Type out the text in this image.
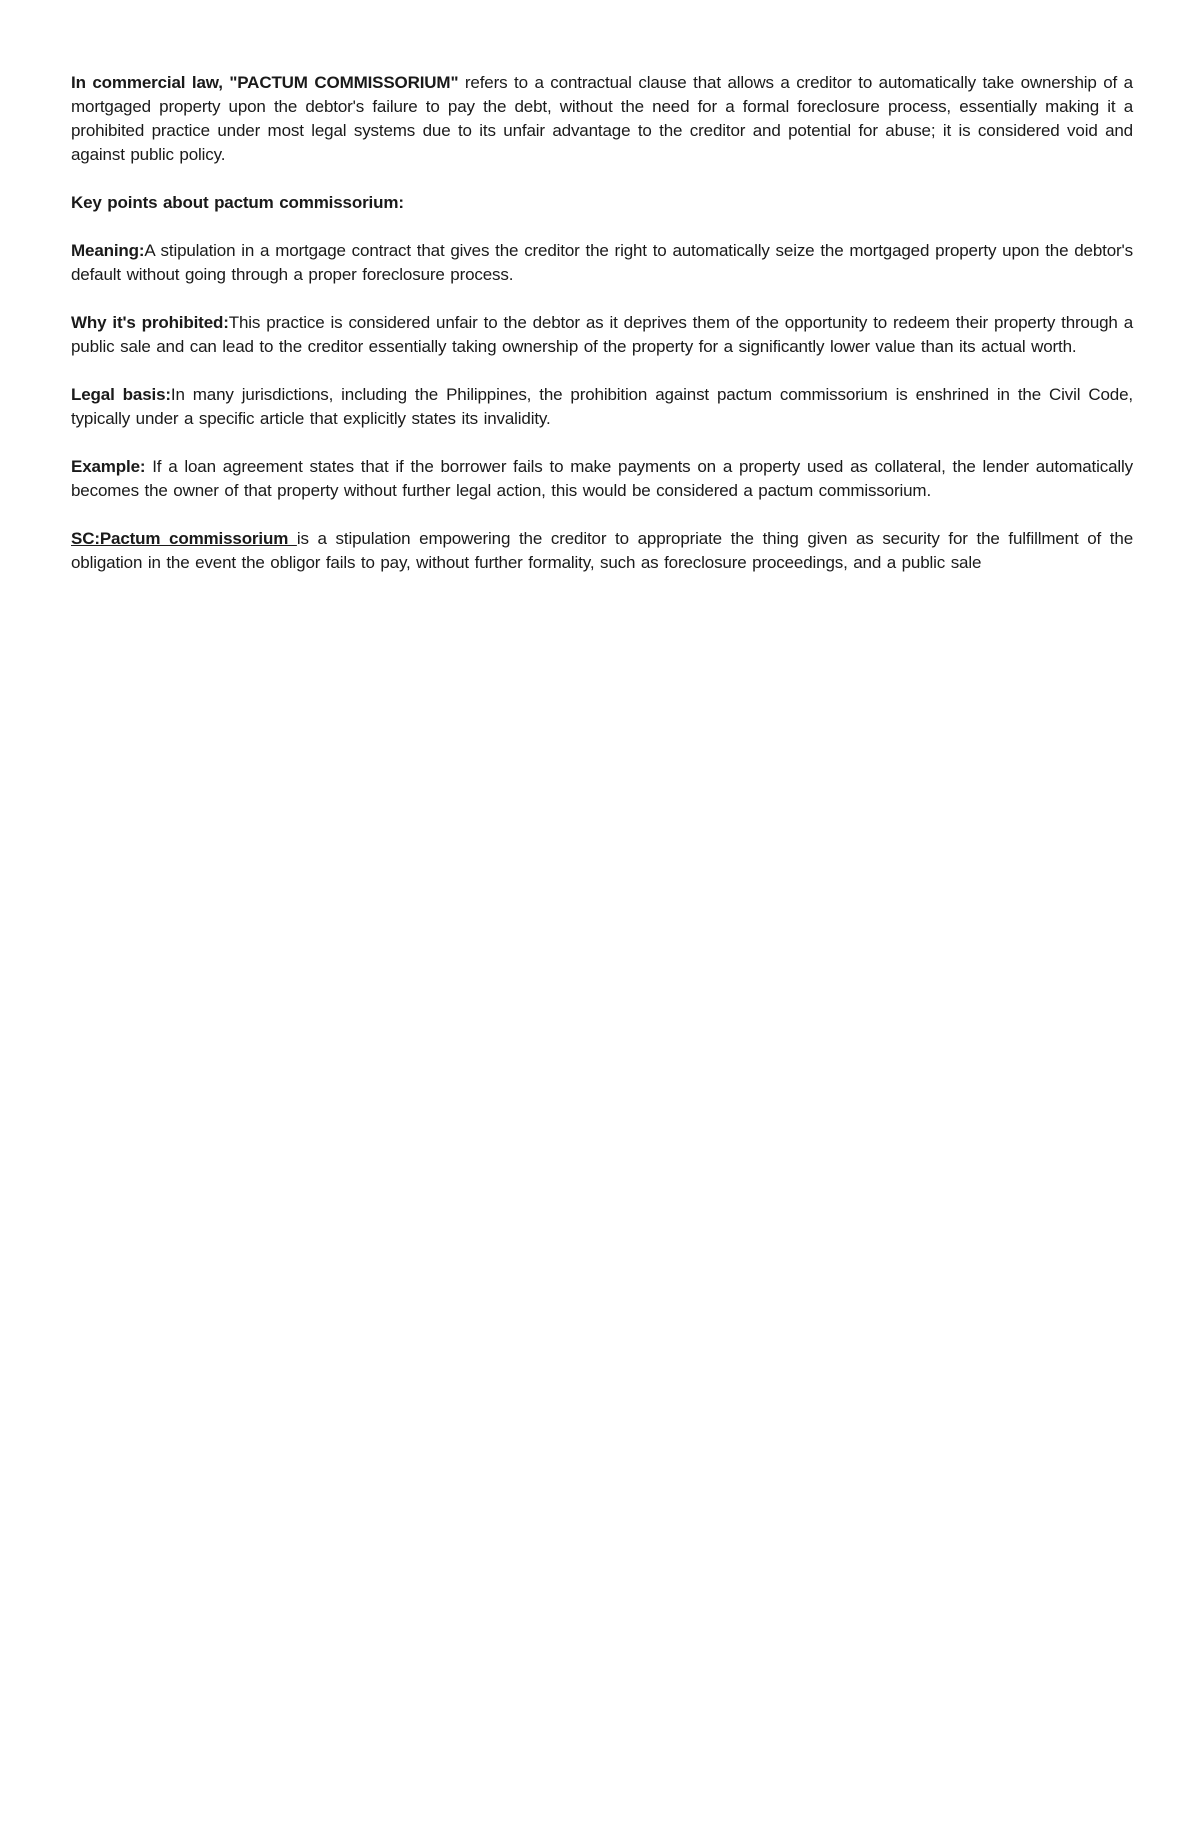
In commercial law, "PACTUM COMMISSORIUM" refers to a contractual clause that allows a creditor to automatically take ownership of a mortgaged property upon the debtor's failure to pay the debt, without the need for a formal foreclosure process, essentially making it a prohibited practice under most legal systems due to its unfair advantage to the creditor and potential for abuse; it is considered void and against public policy.

Key points about pactum commissorium:

Meaning:A stipulation in a mortgage contract that gives the creditor the right to automatically seize the mortgaged property upon the debtor's default without going through a proper foreclosure process.

Why it's prohibited:This practice is considered unfair to the debtor as it deprives them of the opportunity to redeem their property through a public sale and can lead to the creditor essentially taking ownership of the property for a significantly lower value than its actual worth.

Legal basis:In many jurisdictions, including the Philippines, the prohibition against pactum commissorium is enshrined in the Civil Code, typically under a specific article that explicitly states its invalidity.

Example: If a loan agreement states that if the borrower fails to make payments on a property used as collateral, the lender automatically becomes the owner of that property without further legal action, this would be considered a pactum commissorium.

SC:Pactum commissorium is a stipulation empowering the creditor to appropriate the thing given as security for the fulfillment of the obligation in the event the obligor fails to pay, without further formality, such as foreclosure proceedings, and a public sale
